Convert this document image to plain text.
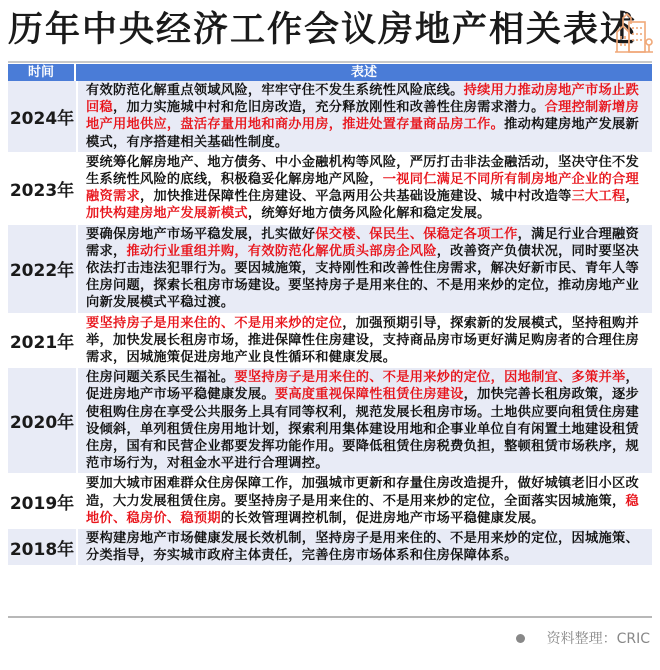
历年中央经济工作会议房地产相关表述
时间	表述
2024年
有效防范化解重点领域风险，牢牢守住不发生系统性风险底线。持续用力推动房地产市场止跌回稳，加力实施城中村和危旧房改造，充分释放刚性和改善性住房需求潜力。合理控制新增房地产用地供应，盘活存量用地和商办用房，推进处置存量商品房工作。推动构建房地产发展新模式，有序搭建相关基础性制度。
2023年
要统筹化解房地产、地方债务、中小金融机构等风险，严厉打击非法金融活动，坚决守住不发生系统性风险的底线，积极稳妥化解房地产风险，一视同仁满足不同所有制房地产企业的合理融资需求，加快推进保障性住房建设、平急两用公共基础设施建设、城中村改造等三大工程，加快构建房地产发展新模式，统筹好地方债务风险化解和稳定发展。
2022年
要确保房地产市场平稳发展，扎实做好保交楼、保民生、保稳定各项工作，满足行业合理融资需求，推动行业重组并购，有效防范化解优质头部房企风险，改善资产负债状况，同时要坚决依法打击违法犯罪行为。要因城施策，支持刚性和改善性住房需求，解决好新市民、青年人等住房问题，探索长租房市场建设。要坚持房子是用来住的、不是用来炒的定位，推动房地产业向新发展模式平稳过渡。
2021年
要坚持房子是用来住的、不是用来炒的定位，加强预期引导，探索新的发展模式，坚持租购并举，加快发展长租房市场，推进保障性住房建设，支持商品房市场更好满足购房者的合理住房需求，因城施策促进房地产业良性循环和健康发展。
2020年
住房问题关系民生福祉。要坚持房子是用来住的、不是用来炒的定位，因地制宜、多策并举，促进房地产市场平稳健康发展。要高度重视保障性租赁住房建设，加快完善长租房政策，逐步使租购住房在享受公共服务上具有同等权利，规范发展长租房市场。土地供应要向租赁住房建设倾斜，单列租赁住房用地计划，探索利用集体建设用地和企事业单位自有闲置土地建设租赁住房，国有和民营企业都要发挥功能作用。要降低租赁住房税费负担，整顿租赁市场秩序，规范市场行为，对租金水平进行合理调控。
2019年
要加大城市困难群众住房保障工作，加强城市更新和存量住房改造提升，做好城镇老旧小区改造，大力发展租赁住房。要坚持房子是用来住的、不是用来炒的定位，全面落实因城施策，稳地价、稳房价、稳预期的长效管理调控机制，促进房地产市场平稳健康发展。
2018年
要构建房地产市场健康发展长效机制，坚持房子是用来住的、不是用来炒的定位，因城施策、分类指导，夯实城市政府主体责任，完善住房市场体系和住房保障体系。
资料整理：CRIC
